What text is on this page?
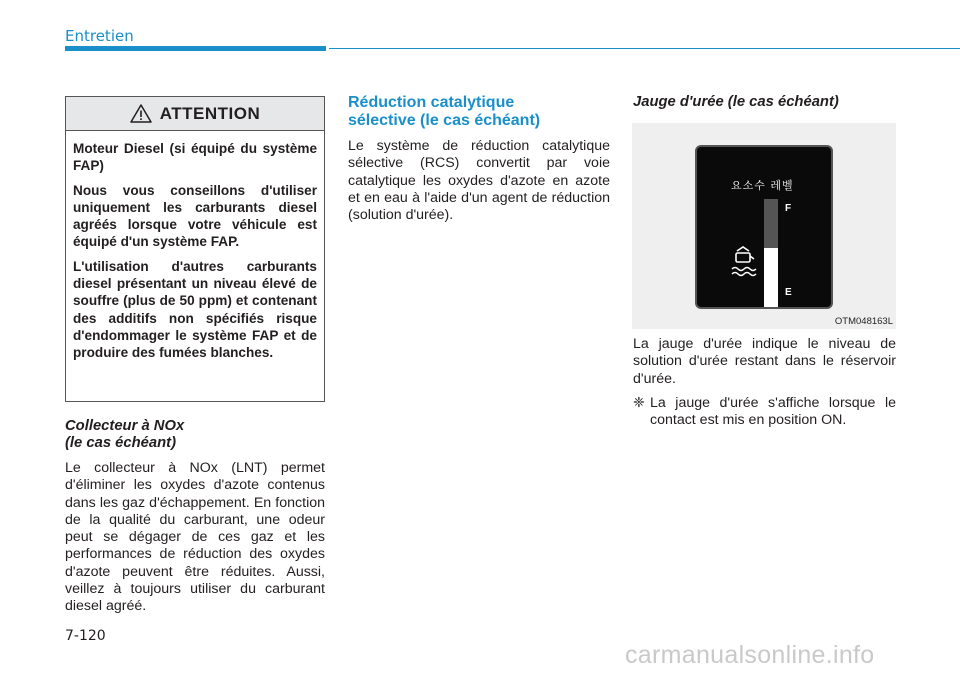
Entretien
ATTENTION

Moteur Diesel (si équipé du système FAP)

Nous vous conseillons d'utiliser uniquement les carburants diesel agréés lorsque votre véhicule est équipé d'un système FAP.

L'utilisation d'autres carburants diesel présentant un niveau élevé de souffre (plus de 50 ppm) et contenant des additifs non spécifiés risque d'endommager le système FAP et de produire des fumées blanches.

Collecteur à NOx

(le cas échéant)

Le collecteur à NOx (LNT) permet d'éliminer les oxydes d'azote contenus dans les gaz d'échappement. En fonction de la qualité du carburant, une odeur peut se dégager de ces gaz et les performances de réduction des oxydes d'azote peuvent être réduites. Aussi, veillez à toujours utiliser du carburant diesel agréé.

Réduction catalytique

sélective (le cas échéant)

Le système de réduction catalytique sélective (RCS) convertit par voie catalytique les oxydes d'azote en azote et en eau à l'aide d'un agent de réduction (solution d'urée).

Jauge d'urée (le cas échéant)

요소수 레벨
F
E
OTM048163L

La jauge d'urée indique le niveau de solution d'urée restant dans le réservoir d'urée.

❈ La jauge d'urée s'affiche lorsque le contact est mis en position ON.
7-120
carmanualsonline.info
